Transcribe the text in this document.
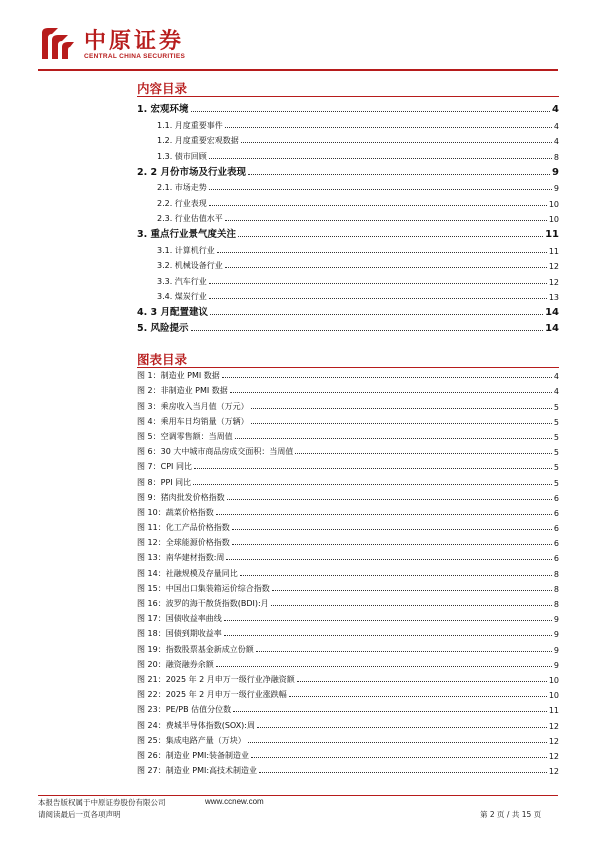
中原证券
CENTRAL CHINA SECURITIES
内容目录
1. 宏观环境	4
1.1. 月度重要事件	4
1.2. 月度重要宏观数据	4
1.3. 债市回顾	8
2. 2 月份市场及行业表现	9
2.1. 市场走势	9
2.2. 行业表现	10
2.3. 行业估值水平	10
3. 重点行业景气度关注	11
3.1. 计算机行业	11
3.2. 机械设备行业	12
3.3. 汽车行业	12
3.4. 煤炭行业	13
4. 3 月配置建议	14
5. 风险提示	14
图表目录
图 1：制造业 PMI 数据	4
图 2：非制造业 PMI 数据	4
图 3：乘房收入当月值（万元）	5
图 4：乘用车日均销量（万辆）	5
图 5：空调零售额：当周值	5
图 6：30 大中城市商品房成交面积：当周值	5
图 7：CPI 同比	5
图 8：PPI 同比	5
图 9：猪肉批发价格指数	6
图 10：蔬菜价格指数	6
图 11：化工产品价格指数	6
图 12：全球能源价格指数	6
图 13：南华建材指数:周	6
图 14：社融规模及存量同比	8
图 15：中国出口集装箱运价综合指数	8
图 16：波罗的海干散货指数(BDI):月	8
图 17：国债收益率曲线	9
图 18：国债到期收益率	9
图 19：指数股票基金新成立份额	9
图 20：融资融券余额	9
图 21：2025 年 2 月申万一级行业净融资额	10
图 22：2025 年 2 月申万一级行业涨跌幅	10
图 23：PE/PB 估值分位数	11
图 24：费城半导体指数(SOX):周	12
图 25：集成电路产量（万块）	12
图 26：制造业 PMI:装备制造业	12
图 27：制造业 PMI:高技术制造业	12
本报告版权属于中原证券股份有限公司	www.ccnew.com
请阅读最后一页各项声明	第 2 页 / 共 15 页
